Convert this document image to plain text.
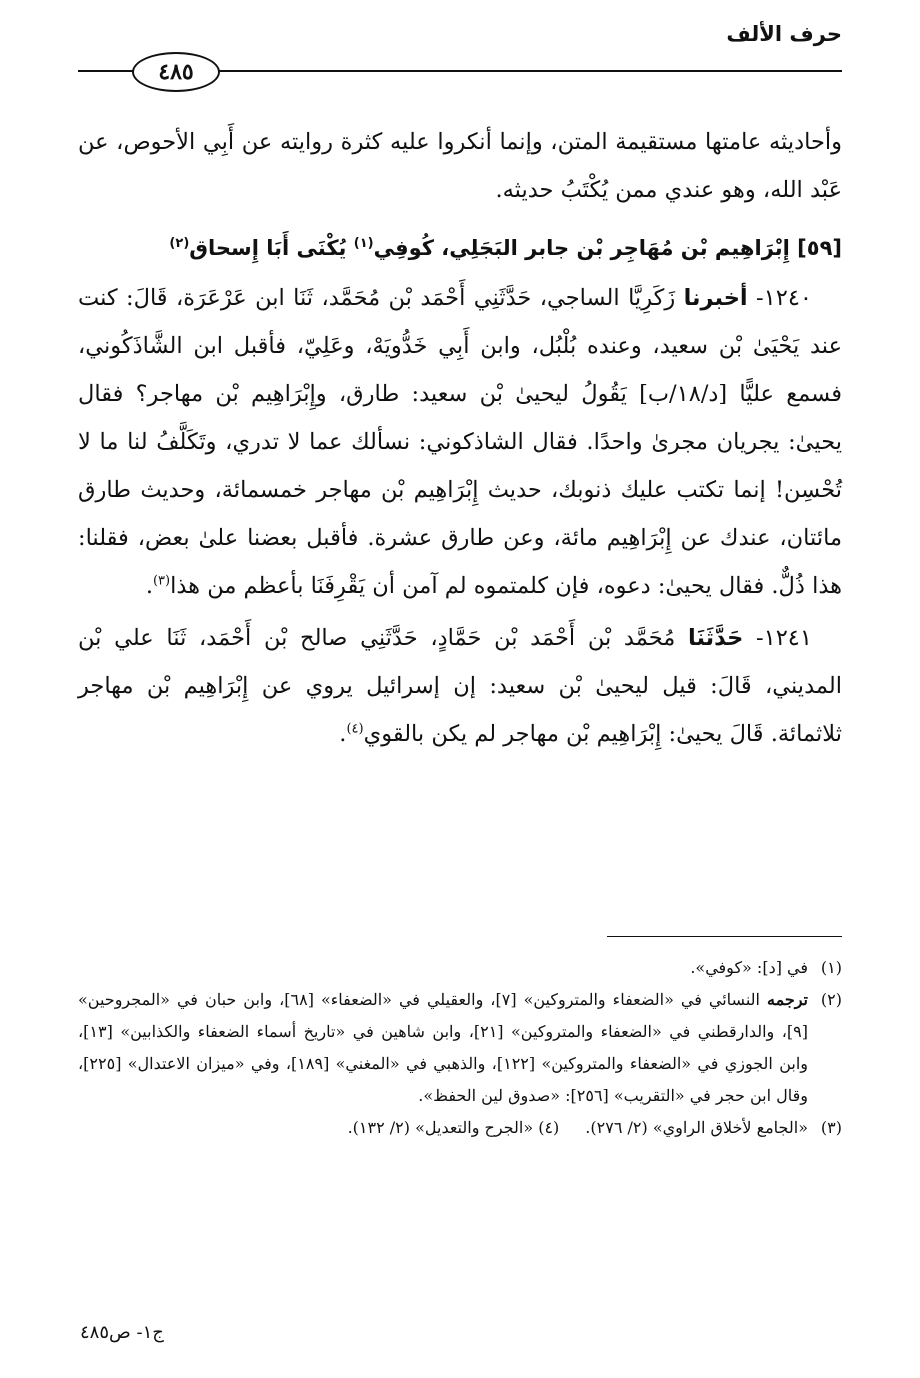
حرف الألف
٤٨٥

وأحاديثه عامتها مستقيمة المتن، وإنما أنكروا عليه كثرة روايته عن أَبِي الأحوص، عن عَبْد الله، وهو عندي ممن يُكْتَبُ حديثه.

[٥٩] إِبْرَاهِيم بْن مُهَاجِر بْن جابر البَجَلِي، كُوفِي$^{(١)}$ يُكْنَى أَبَا إِسحاق$^{(٢)}$

١٢٤٠- أخبرنا زَكَرِيَّا الساجي، حَدَّثَنِي أَحْمَد بْن مُحَمَّد، ثَنَا ابن عَرْعَرَة، قَالَ: كنت عند يَحْيَىٰ بْن سعيد، وعنده بُلْبُل، وابن أَبِي خَدُّويَهْ، وعَلِيّ، فأقبل ابن الشَّاذَكُوني، فسمع عليًّا [د/١٨/ب] يَقُولُ ليحيىٰ بْن سعيد: طارق، وإِبْرَاهِيم بْن مهاجر؟ فقال يحيىٰ: يجريان مجرىٰ واحدًا. فقال الشاذكوني: نسألك عما لا تدري، وتَكَلَّفُ لنا ما لا تُحْسِن! إنما تكتب عليك ذنوبك، حديث إِبْرَاهِيم بْن مهاجر خمسمائة، وحديث طارق مائتان، عندك عن إِبْرَاهِيم مائة، وعن طارق عشرة. فأقبل بعضنا علىٰ بعض، فقلنا: هذا ذُلٌّ. فقال يحيىٰ: دعوه، فإن كلمتموه لم آمن أن يَقْرِفَنَا بأعظم من هذا$^{(٣)}$.

١٢٤١- حَدَّثَنَا مُحَمَّد بْن أَحْمَد بْن حَمَّادٍ، حَدَّثَنِي صالح بْن أَحْمَد، ثَنَا علي بْن المديني، قَالَ: قيل ليحيىٰ بْن سعيد: إن إسرائيل يروي عن إِبْرَاهِيم بْن مهاجر ثلاثمائة. قَالَ يحيىٰ: إِبْرَاهِيم بْن مهاجر لم يكن بالقوي$^{(٤)}$.

(١)في [د]: «كوفي».

(٢)ترجمه النسائي في «الضعفاء والمتروكين» [٧]، والعقيلي في «الضعفاء» [٦٨]، وابن حبان في «المجروحين» [٩]، والدارقطني في «الضعفاء والمتروكين» [٢١]، وابن شاهين في «تاريخ أسماء الضعفاء والكذابين» [١٣]، وابن الجوزي في «الضعفاء والمتروكين» [١٢٢]، والذهبي في «المغني» [١٨٩]، وفي «ميزان الاعتدال» [٢٢٥]، وقال ابن حجر في «التقريب» [٢٥٦]: «صدوق لين الحفظ».

(٣)«الجامع لأخلاق الراوي» (٢/ ٢٧٦).
(٤) «الجرح والتعديل» (٢/ ١٣٢).

ج١- ص٤٨٥
